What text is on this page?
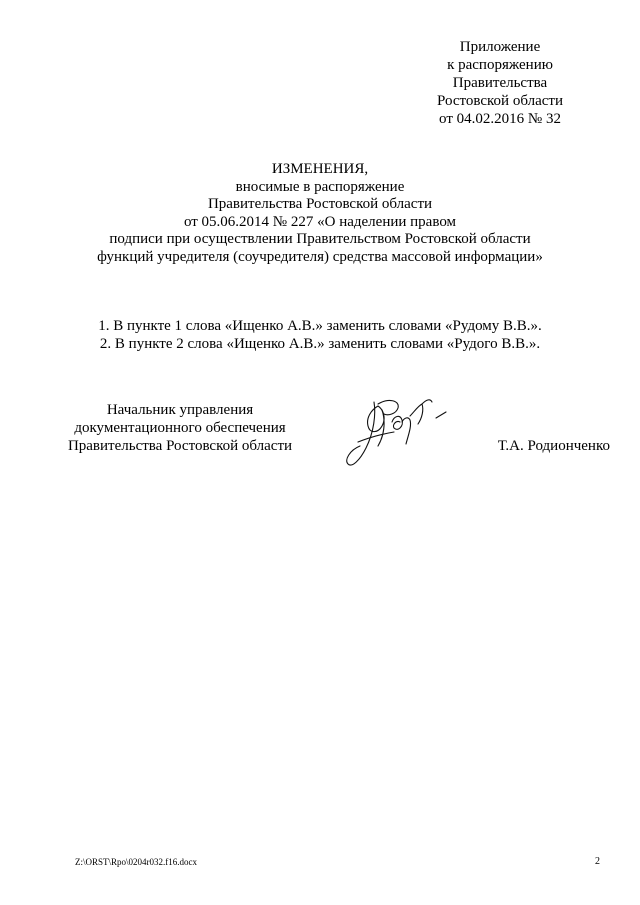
Приложение
к распоряжению
Правительства
Ростовской области
от 04.02.2016 № 32
ИЗМЕНЕНИЯ,
вносимые в распоряжение
Правительства Ростовской области
от 05.06.2014 № 227 «О наделении правом
подписи при осуществлении Правительством Ростовской области
функций учредителя (соучредителя) средства массовой информации»
1. В пункте 1 слова «Ищенко А.В.» заменить словами «Рудому В.В.».
2. В пункте 2 слова «Ищенко А.В.» заменить словами «Рудого В.В.».
Начальник управления
документационного обеспечения
Правительства Ростовской области	Т.А. Родионченко
Z:\ORST\Rpo\0204r032.f16.docx	2
